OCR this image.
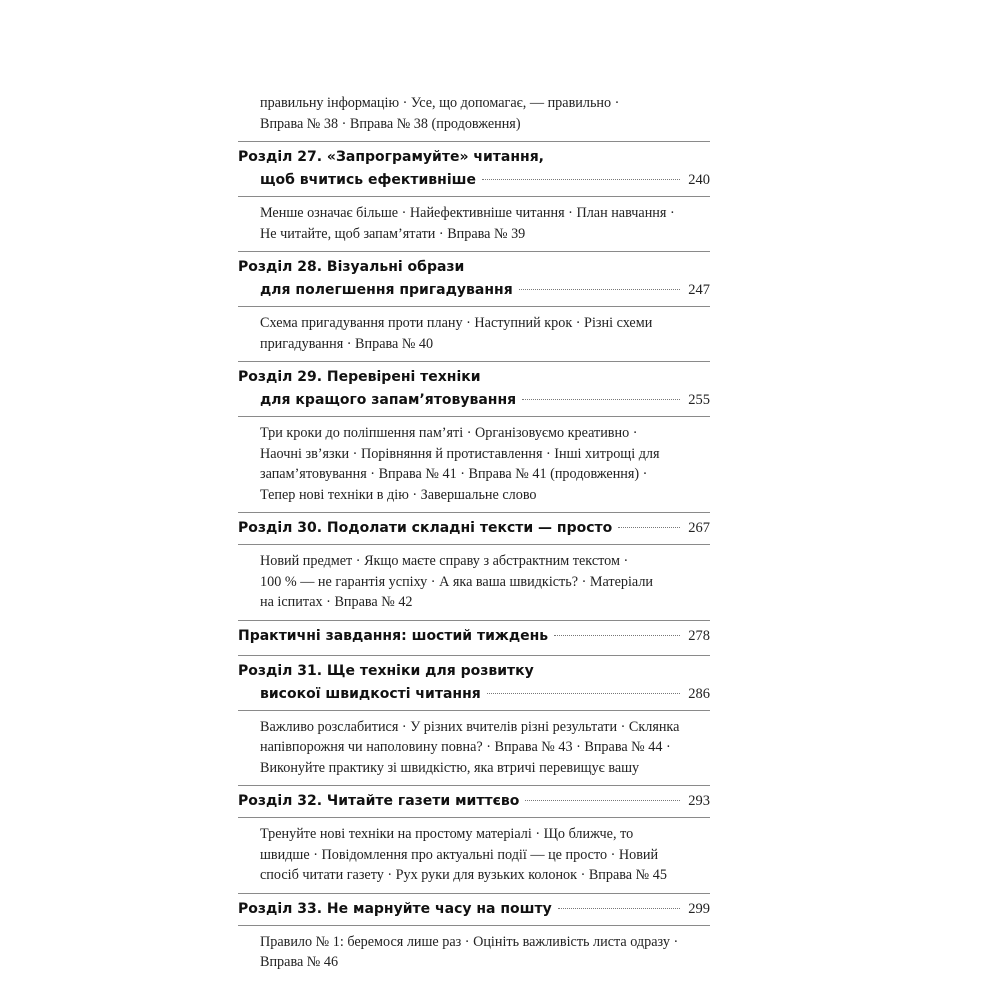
правильну інформацію · Усе, що допомагає, — правильно ·
Вправа № 38 · Вправа № 38 (продовження)
Розділ 27. «Запрограмуйте» читання,
щоб вчитись ефективніше	240
Менше означає більше · Найефективніше читання · План навчання ·
Не читайте, щоб запам’ятати · Вправа № 39
Розділ 28. Візуальні образи
для полегшення пригадування	247
Схема пригадування проти плану · Наступний крок · Різні схеми
пригадування · Вправа № 40
Розділ 29. Перевірені техніки
для кращого запам’ятовування	255
Три кроки до поліпшення пам’яті · Організовуємо креативно ·
Наочні зв’язки · Порівняння й протиставлення · Інші хитрощі для
запам’ятовування · Вправа № 41 · Вправа № 41 (продовження) ·
Тепер нові техніки в дію · Завершальне слово
Розділ 30. Подолати складні тексти — просто	267
Новий предмет · Якщо маєте справу з абстрактним текстом ·
100 % — не гарантія успіху · А яка ваша швидкість? · Матеріали
на іспитах · Вправа № 42
Практичні завдання: шостий тиждень	278
Розділ 31. Ще техніки для розвитку
високої швидкості читання	286
Важливо розслабитися · У різних вчителів різні результати · Склянка
напівпорожня чи наполовину повна? · Вправа № 43 · Вправа № 44 ·
Виконуйте практику зі швидкістю, яка втричі перевищує вашу
Розділ 32. Читайте газети миттєво	293
Тренуйте нові техніки на простому матеріалі · Що ближче, то
швидше · Повідомлення про актуальні події — це просто · Новий
спосіб читати газету · Рух руки для вузьких колонок · Вправа № 45
Розділ 33. Не марнуйте часу на пошту	299
Правило № 1: беремося лише раз · Оцініть важливість листа одразу ·
Вправа № 46
